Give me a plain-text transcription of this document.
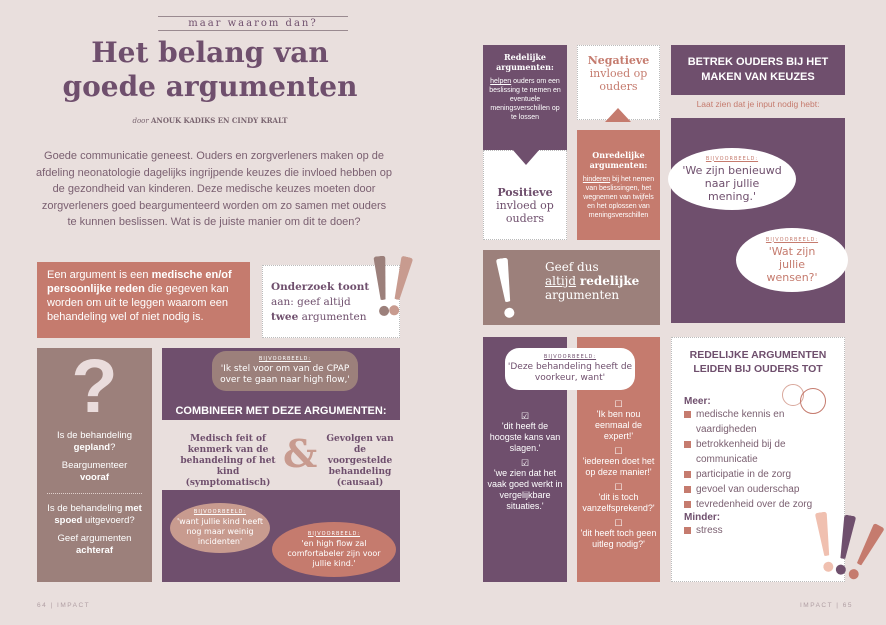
maar waarom dan?
Het belang van
goede argumenten
door ANOUK KADIKS EN CINDY KRALT
Goede communicatie geneest. Ouders en zorgverleners maken op de afdeling neonatologie dagelijks ingrijpende keuzes die invloed hebben op de gezondheid van kinderen. Deze medische keuzes moeten door zorgverleners goed beargumenteerd worden om zo samen met ouders te kunnen beslissen. Wat is de juiste manier om dit te doen?
Een argument is een medische en/of persoonlijke reden die gegeven kan worden om uit te leggen waarom een behandeling wel of niet nodig is.
Onderzoek toont
aan: geef altijd
twee argumenten
?
Is de behandeling gepland?
Beargumenteer
vooraf
Is de behandeling met spoed uitgevoerd?
Geef argumenten
achteraf
BIJVOORBEELD:
'Ik stel voor om van de CPAP over te gaan naar high flow,'
COMBINEER MET DEZE ARGUMENTEN:
Medisch feit of kenmerk van de behandeling of het kind (symptomatisch)
&	Gevolgen van de voorgestelde behandeling (causaal)
BIJVOORBEELD:
'want jullie kind heeft nog maar weinig incidenten'
BIJVOORBEELD:
'en high flow zal comfortabeler zijn voor jullie kind.'
64 | IMPACT
Redelijke argumenten:
helpen ouders om een beslissing te nemen en eventuele meningsverschillen op te lossen
Positieve
invloed op ouders
Negatieve
invloed op ouders
Onredelijke argumenten:
hinderen bij het nemen van beslissingen, het wegnemen van twijfels en het oplossen van meningsverschillen
Geef dus
altijd redelijke
argumenten
☑
'dit heeft de hoogste kans van slagen.'
☑
'we zien dat het vaak goed werkt in vergelijkbare situaties.'
☐
'Ik ben nou eenmaal de expert!'
☐
'iedereen doet het op deze manier!'
☐
'dit is toch vanzelfsprekend?'
☐
'dit heeft toch geen uitleg nodig?'
BIJVOORBEELD:
'Deze behandeling heeft de voorkeur, want'
BETREK OUDERS BIJ HET MAKEN VAN KEUZES
Laat zien dat je input nodig hebt:
BIJVOORBEELD:
'We zijn benieuwd naar jullie mening.'
BIJVOORBEELD:
'Wat zijn jullie wensen?'
REDELIJKE ARGUMENTEN LEIDEN BIJ OUDERS TOT
Meer:
medische kennis en vaardigheden
betrokkenheid bij de communicatie
participatie in de zorg
gevoel van ouderschap
tevredenheid over de zorg
Minder:
stress
IMPACT | 65
